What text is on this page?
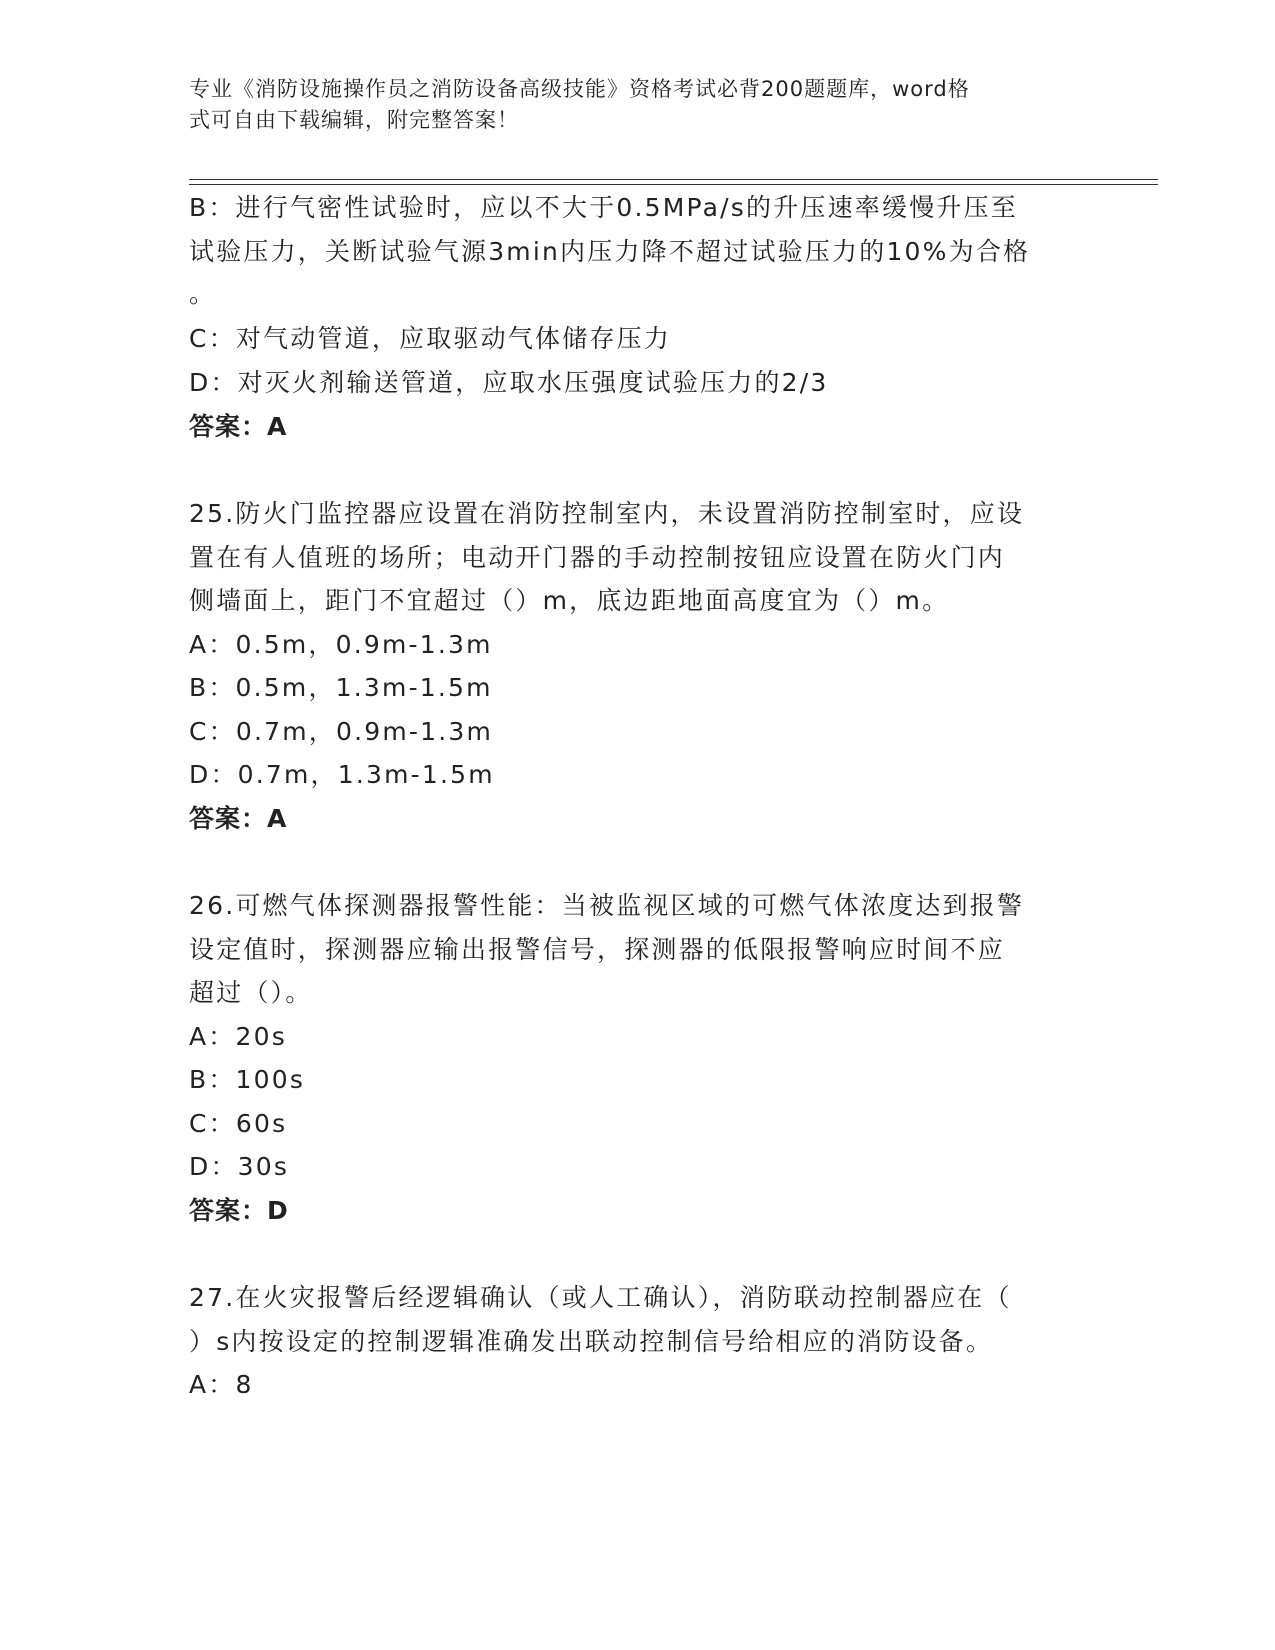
专业《消防设施操作员之消防设备高级技能》资格考试必背200题题库，word格
式可自由下载编辑，附完整答案！
B：进行气密性试验时，应以不大于0.5MPa/s的升压速率缓慢升压至
试验压力，关断试验气源3min内压力降不超过试验压力的10%为合格
。
C：对气动管道，应取驱动气体储存压力
D：对灭火剂输送管道，应取水压强度试验压力的2/3
答案：A
25.防火门监控器应设置在消防控制室内，未设置消防控制室时，应设
置在有人值班的场所；电动开门器的手动控制按钮应设置在防火门内
侧墙面上，距门不宜超过（）m，底边距地面高度宜为（）m。
A：0.5m，0.9m-1.3m
B：0.5m，1.3m-1.5m
C：0.7m，0.9m-1.3m
D：0.7m，1.3m-1.5m
答案：A
26.可燃气体探测器报警性能：当被监视区域的可燃气体浓度达到报警
设定值时，探测器应输出报警信号，探测器的低限报警响应时间不应
超过（）。
A：20s
B：100s
C：60s
D：30s
答案：D
27.在火灾报警后经逻辑确认（或人工确认），消防联动控制器应在（
）s内按设定的控制逻辑准确发出联动控制信号给相应的消防设备。
A：8
